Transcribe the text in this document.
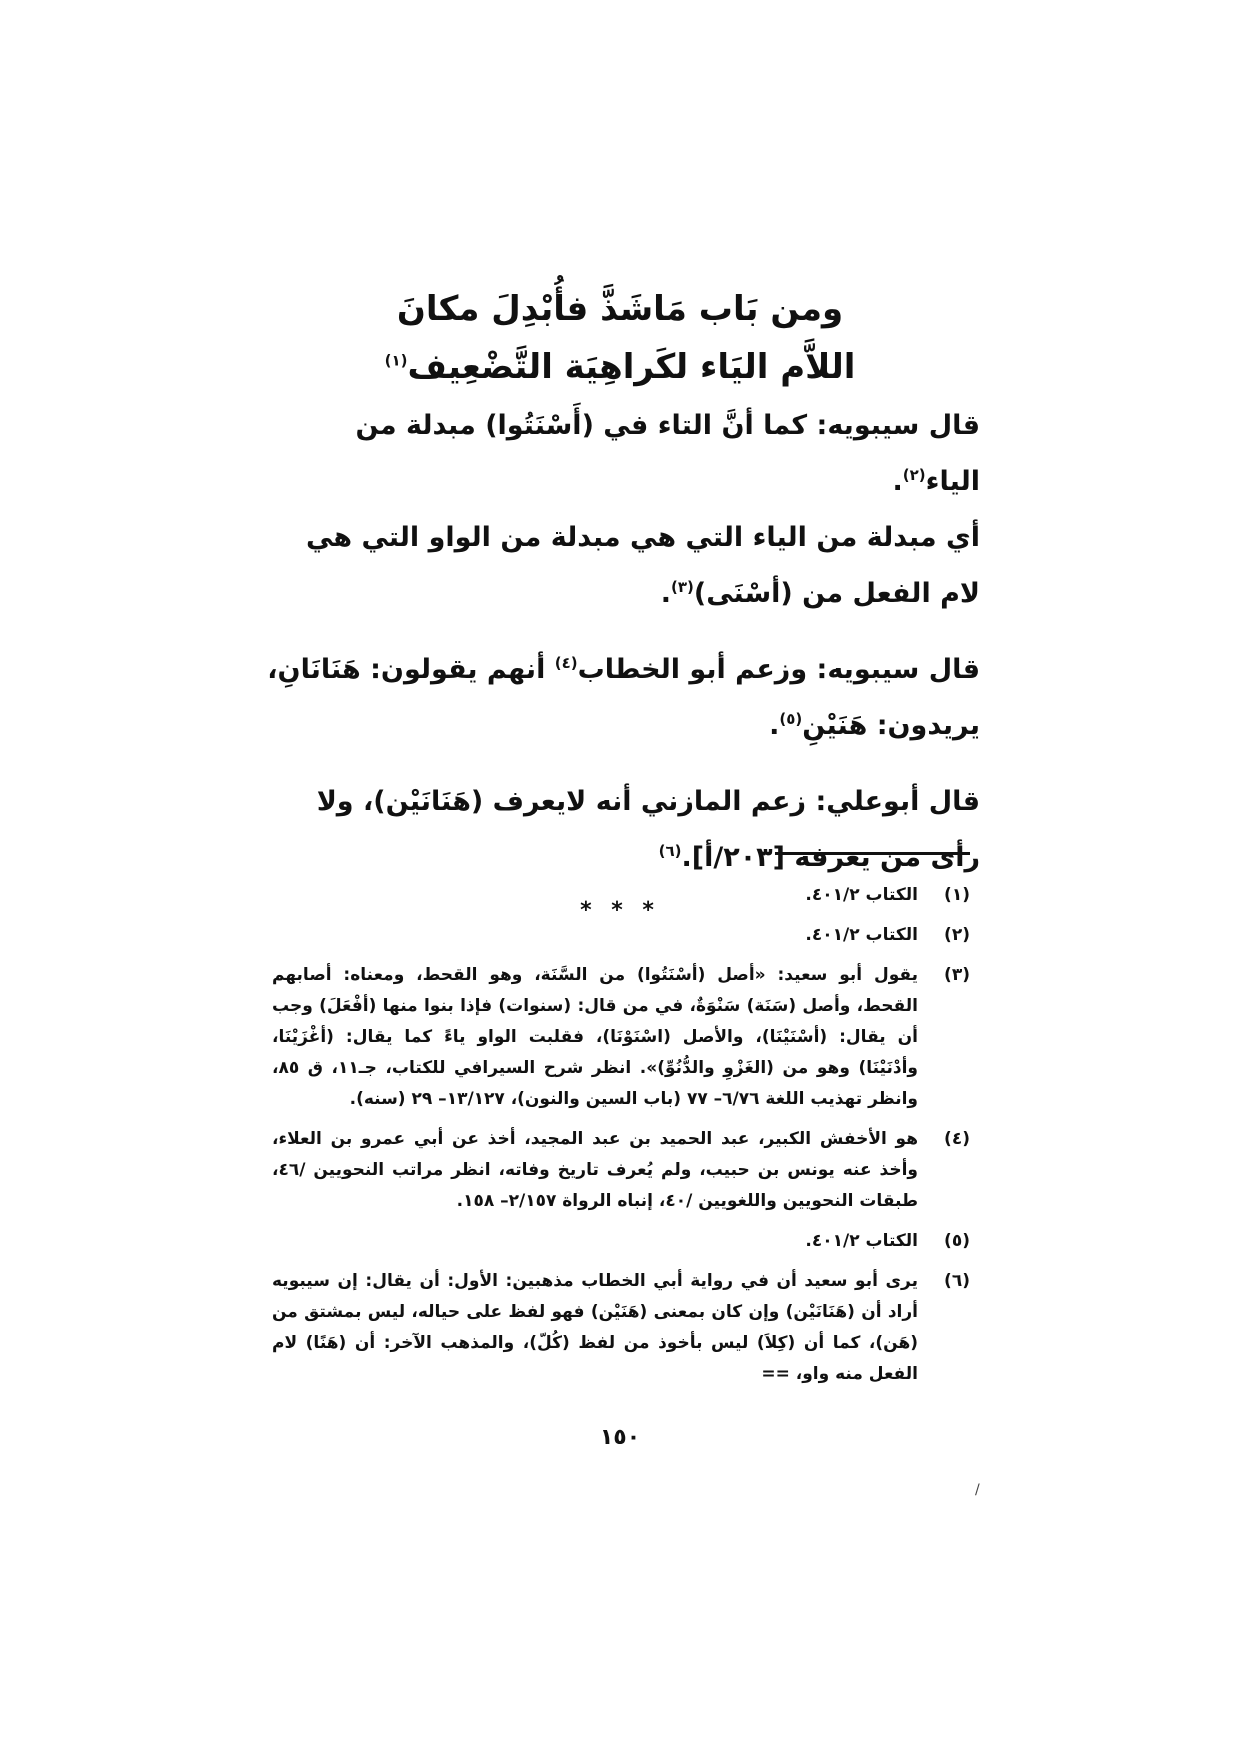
ومن بَاب مَاشَذَّ فأُبْدِلَ مكانَ
اللاَّم اليَاء لكَراهِيَة التَّضْعِيف$^{(١)}$

قال سيبويه: كما أنَّ التاء في (أَسْنَتُوا) مبدلة من الياء$^{(٢)}$.

أي مبدلة من الياء التي هي مبدلة من الواو التي هي لام الفعل من (أسْنَى)$^{(٣)}$.

قال سيبويه: وزعم أبو الخطاب$^{(٤)}$ أنهم يقولون: هَنَانَانِ، يريدون: هَنَيْنِ$^{(٥)}$.

قال أبوعلي: زعم المازني أنه لايعرف (هَنَانَيْن)، ولا رأى من يعرفه [٢٠٣/أ].$^{(٦)}$

* * *
(١)
الكتاب ٤٠١/٢.
(٢)
الكتاب ٤٠١/٢.
(٣)
يقول أبو سعيد: «أصل (أسْنَتُوا) من السَّنَة، وهو القحط، ومعناه: أصابهم القحط، وأصل (سَنَة) سَنْوَةٌ، في من قال: (سنوات) فإذا بنوا منها (أفْعَلَ) وجب أن يقال: (أسْنَيْنَا)، والأصل (اسْنَوْنَا)، فقلبت الواو ياءً كما يقال: (أغْزَيْنَا، وأدْنَيْنَا) وهو من (الغَزْوِ والدُّنُوِّ)». انظر شرح السيرافي للكتاب، جـ١١، ق ٨٥، وانظر تهذيب اللغة ٦/٧٦– ٧٧ (باب السين والنون)، ١٣/١٢٧– ٢٩ (سنه).
(٤)
هو الأخفش الكبير، عبد الحميد بن عبد المجيد، أخذ عن أبي عمرو بن العلاء، وأخذ عنه يونس بن حبيب، ولم يُعرف تاريخ وفاته، انظر مراتب النحويين /٤٦، طبقات النحويين واللغويين /٤٠، إنباه الرواة ٢/١٥٧– ١٥٨.
(٥)
الكتاب ٤٠١/٢.
(٦)
يرى أبو سعيد أن في رواية أبي الخطاب مذهبين: الأول: أن يقال: إن سيبويه أراد أن (هَنَانَيْن) وإن كان بمعنى (هَنَيْن) فهو لفظ على حياله، ليس بمشتق من (هَن)، كما أن (كِلاَ) ليس بأخوذ من لفظ (كُلّ)، والمذهب الآخر: أن (هَنًا) لام الفعل منه واو، ==
١٥٠
/
